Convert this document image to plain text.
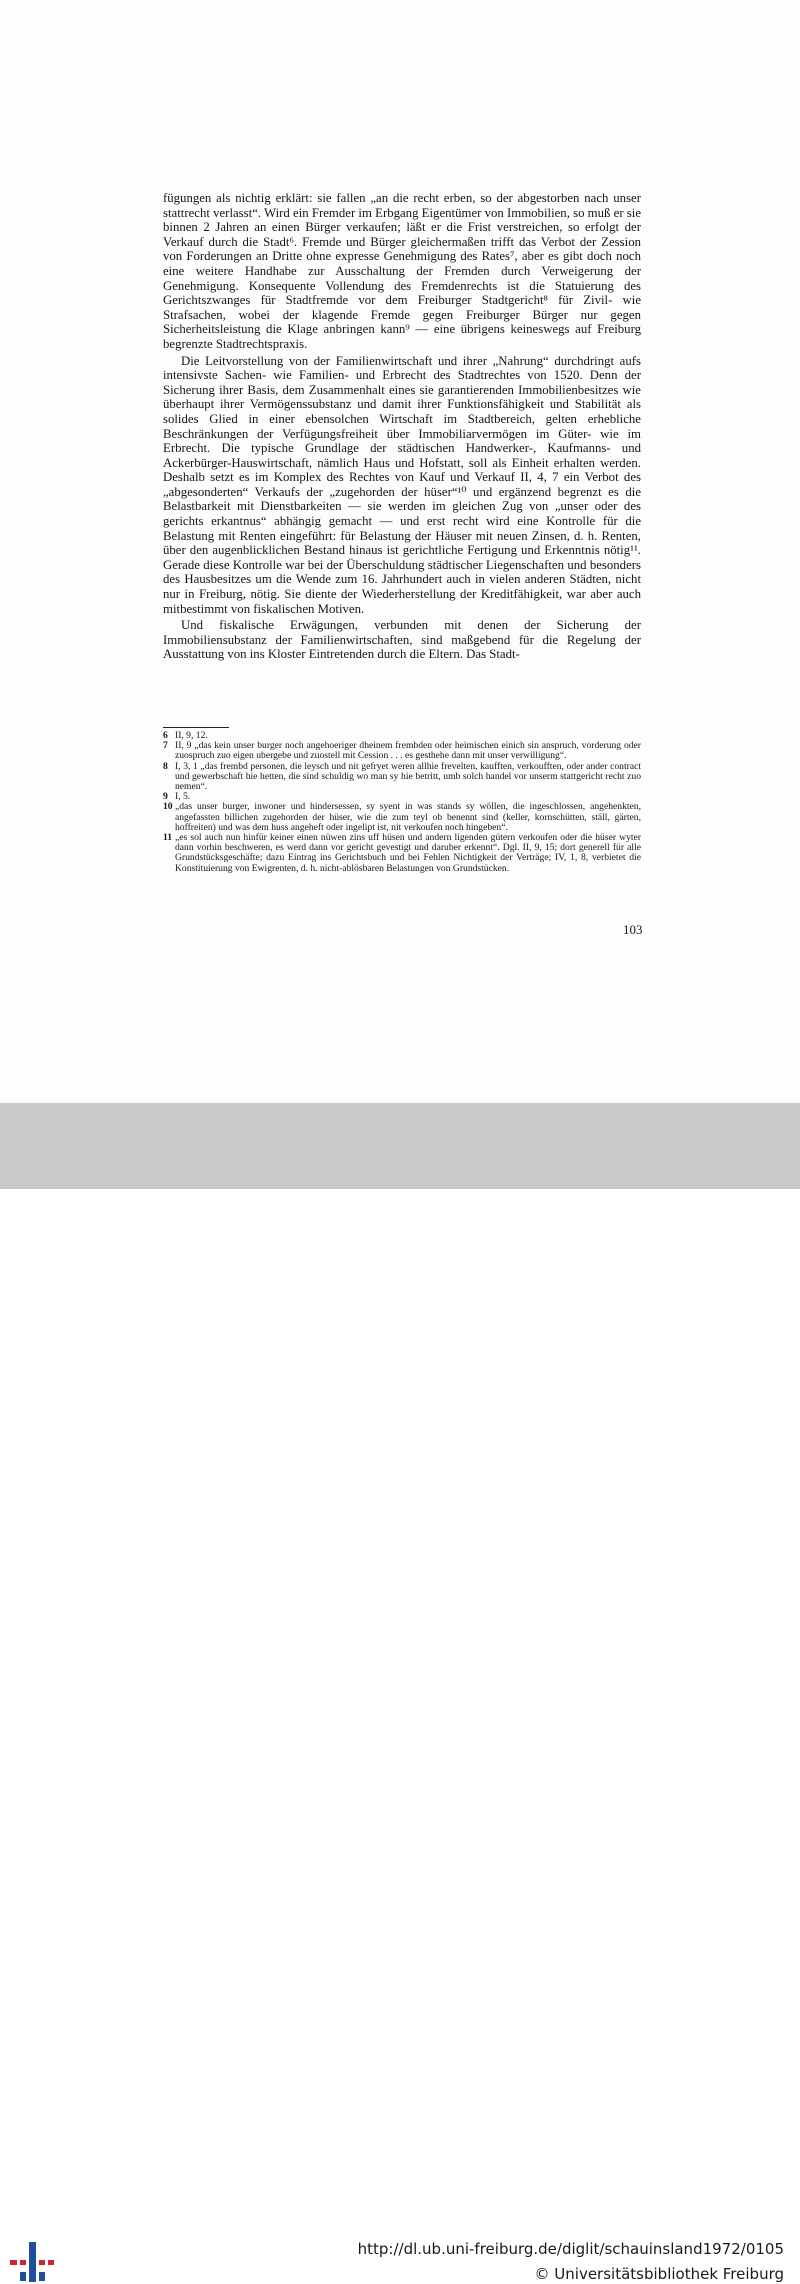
fügungen als nichtig erklärt: sie fallen „an die recht erben, so der abgestorben nach unser stattrecht verlasst“. Wird ein Fremder im Erbgang Eigentümer von Immobilien, so muß er sie binnen 2 Jahren an einen Bürger verkaufen; läßt er die Frist verstreichen, so erfolgt der Verkauf durch die Stadt⁶. Fremde und Bürger gleichermaßen trifft das Verbot der Zession von Forderungen an Dritte ohne expresse Genehmigung des Rates⁷, aber es gibt doch noch eine weitere Handhabe zur Ausschaltung der Fremden durch Verweigerung der Genehmigung. Konsequente Vollendung des Fremdenrechts ist die Statuierung des Gerichtszwanges für Stadtfremde vor dem Freiburger Stadtgericht⁸ für Zivil- wie Strafsachen, wobei der klagende Fremde gegen Freiburger Bürger nur gegen Sicherheitsleistung die Klage anbringen kann⁹ — eine übrigens keineswegs auf Freiburg begrenzte Stadtrechtspraxis.

Die Leitvorstellung von der Familienwirtschaft und ihrer „Nahrung“ durchdringt aufs intensivste Sachen- wie Familien- und Erbrecht des Stadtrechtes von 1520. Denn der Sicherung ihrer Basis, dem Zusammenhalt eines sie garantierenden Immobilienbesitzes wie überhaupt ihrer Vermögenssubstanz und damit ihrer Funktionsfähigkeit und Stabilität als solides Glied in einer ebensolchen Wirtschaft im Stadtbereich, gelten erhebliche Beschränkungen der Verfügungsfreiheit über Immobiliarvermögen im Güter- wie im Erbrecht. Die typische Grundlage der städtischen Handwerker-, Kaufmanns- und Ackerbürger-Hauswirtschaft, nämlich Haus und Hofstatt, soll als Einheit erhalten werden. Deshalb setzt es im Komplex des Rechtes von Kauf und Verkauf II, 4, 7 ein Verbot des „abgesonderten“ Verkaufs der „zugehorden der hüser“¹⁰ und ergänzend begrenzt es die Belastbarkeit mit Dienstbarkeiten — sie werden im gleichen Zug von „unser oder des gerichts erkantnus“ abhängig gemacht — und erst recht wird eine Kontrolle für die Belastung mit Renten eingeführt: für Belastung der Häuser mit neuen Zinsen, d. h. Renten, über den augenblicklichen Bestand hinaus ist gerichtliche Fertigung und Erkenntnis nötig¹¹. Gerade diese Kontrolle war bei der Überschuldung städtischer Liegenschaften und besonders des Hausbesitzes um die Wende zum 16. Jahrhundert auch in vielen anderen Städten, nicht nur in Freiburg, nötig. Sie diente der Wiederherstellung der Kreditfähigkeit, war aber auch mitbestimmt von fiskalischen Motiven.

Und fiskalische Erwägungen, verbunden mit denen der Sicherung der Immobiliensubstanz der Familienwirtschaften, sind maßgebend für die Regelung der Ausstattung von ins Kloster Eintretenden durch die Eltern. Das Stadt-

6 II, 9, 12.

7 II, 9 „das kein unser burger noch angehoeriger dheinem frembden oder heimischen einich sin anspruch, vorderung oder zuospruch zuo eigen ubergebe und zuostell mit Cession . . . es gesthehe dann mit unser verwilligung“.

8 I, 3, 1 „das frembd personen, die leysch und nit gefryet weren allhie frevelten, kaufften, verkoufften, oder ander contract und gewerbschaft hie hetten, die sind schuldig wo man sy hie betritt, umb solch handel vor unserm stattgericht recht zuo nemen“.

9 I, 5.

10 „das unser burger, inwoner und hindersessen, sy syent in was stands sy wöllen, die ingeschlossen, angehenkten, angefassten billichen zugehorden der hüser, wie die zum teyl ob benennt sind (keller, kornschütten, ställ, gärten, hoffreiten) und was dem huss angeheft oder ingelipt ist, nit verkoufen noch hingeben“.

11 „es sol auch nun hinfür keiner einen nüwen zins uff hüsen und andern ligenden gütern verkoufen oder die hüser wyter dann vorhin beschweren, es werd dann vor gericht gevestigt und daruber erkennt“. Dgl. II, 9, 15; dort generell für alle Grundstücksgeschäfte; dazu Eintrag ins Gerichtsbuch und bei Fehlen Nichtigkeit der Verträge; IV, 1, 8, verbietet die Konstituierung von Ewigrenten, d. h. nicht-ablösbaren Belastungen von Grundstücken.

103
http://dl.ub.uni-freiburg.de/diglit/schauinsland1972/0105
© Universitätsbibliothek Freiburg
